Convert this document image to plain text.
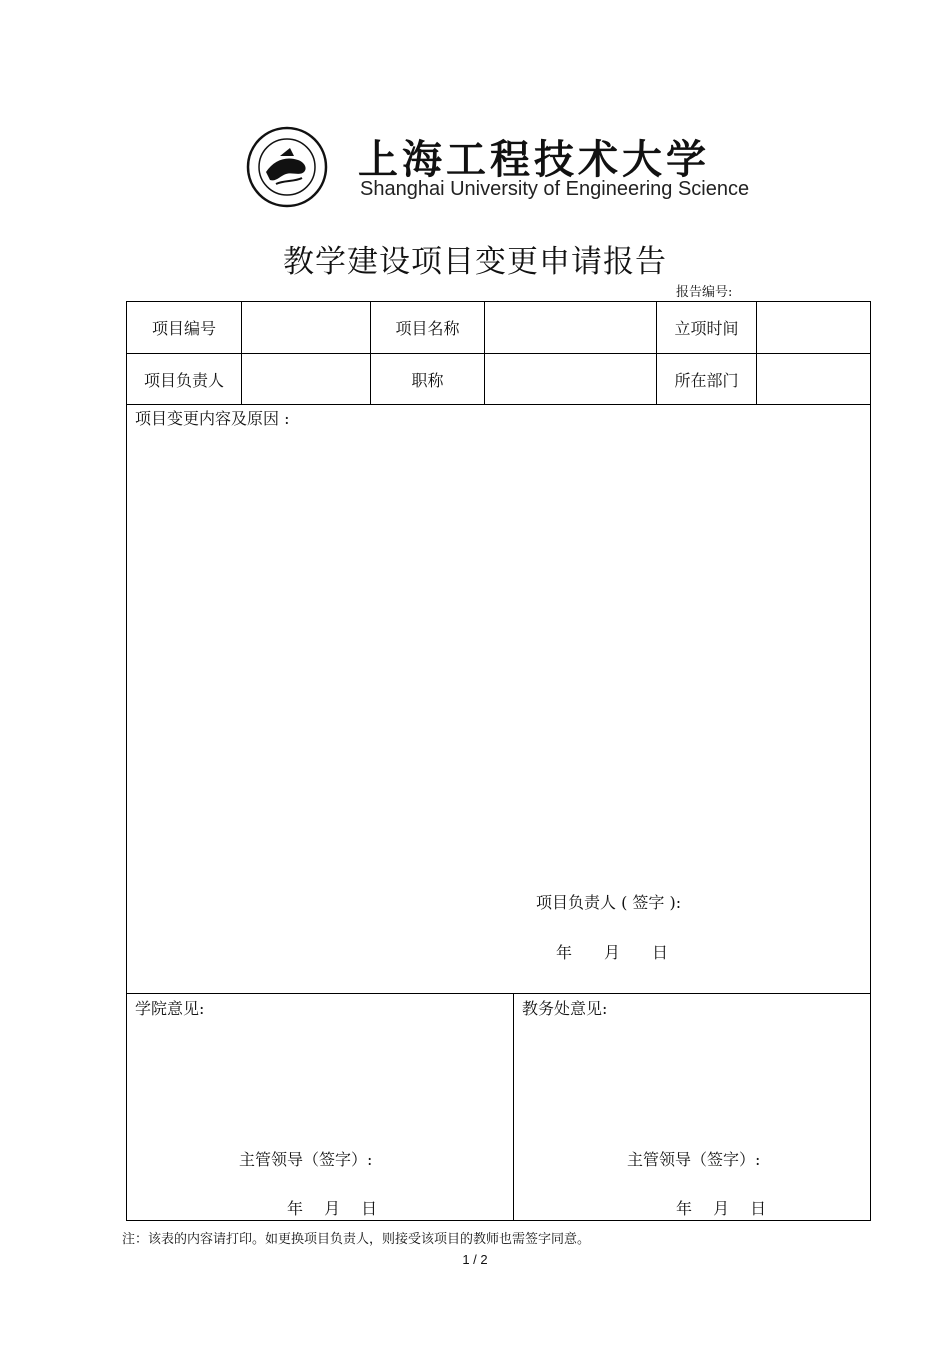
上海工程技术大学
Shanghai University of Engineering Science
教学建设项目变更申请报告
报告编号:
项目编号	项目名称	立项时间
项目负责人	职称	所在部门
项目变更内容及原因 :
项目负责人 ( 签字 ):
年　　月　　日
学院意见:
主管领导（签字）:
年　 月　 日
教务处意见:
主管领导（签字）:
年　 月　 日
注：该表的内容请打印。如更换项目负责人，则接受该项目的教师也需签字同意。
1 / 2
